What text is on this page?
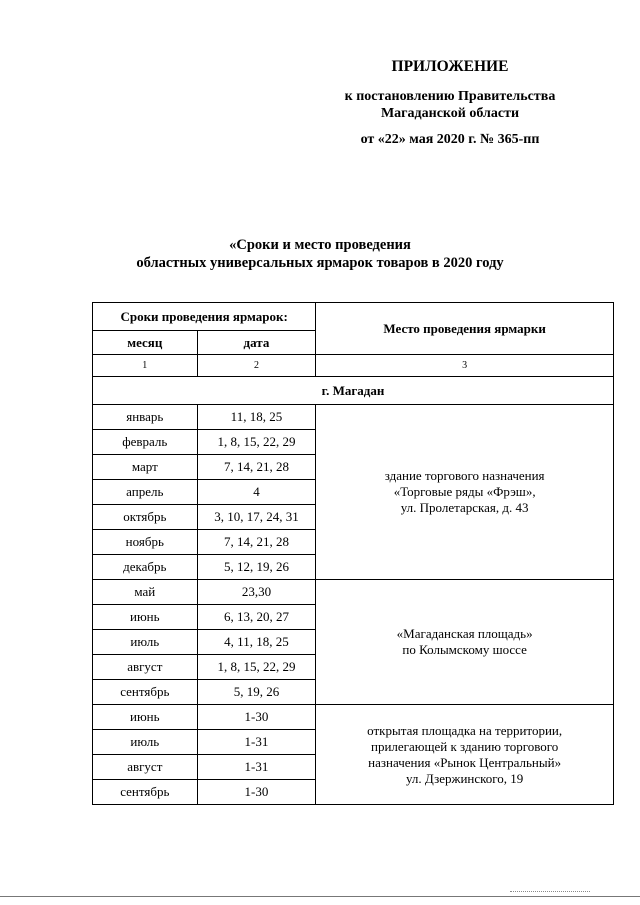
ПРИЛОЖЕНИЕ
к постановлению Правительства
Магаданской области
от «22» мая 2020 г. № 365-пп
«Сроки и место проведения
областных универсальных ярмарок товаров в 2020 году
Сроки проведения ярмарок:		Место проведения ярмарки
месяц	дата	
1	2	3
г. Магадан		
январь	11, 18, 25	здание торгового назначения
«Торговые ряды «Фрэш»,
ул. Пролетарская, д. 43

февраль	1, 8, 15, 22, 29	
март	7, 14, 21, 28	
апрель	4	
октябрь	3, 10, 17, 24, 31	
ноябрь	7, 14, 21, 28	
декабрь	5, 12, 19, 26	
май	23,30	«Магаданская площадь»
по Колымскому шоссе

июнь	6, 13, 20, 27	
июль	4, 11, 18, 25	
август	1, 8, 15, 22, 29	
сентябрь	5, 19, 26	
июнь	1-30	открытая площадка на территории,
прилегающей к зданию торгового
назначения «Рынок Центральный»
ул. Дзержинского, 19

июль	1-31	
август	1-31	
сентябрь	1-30	
